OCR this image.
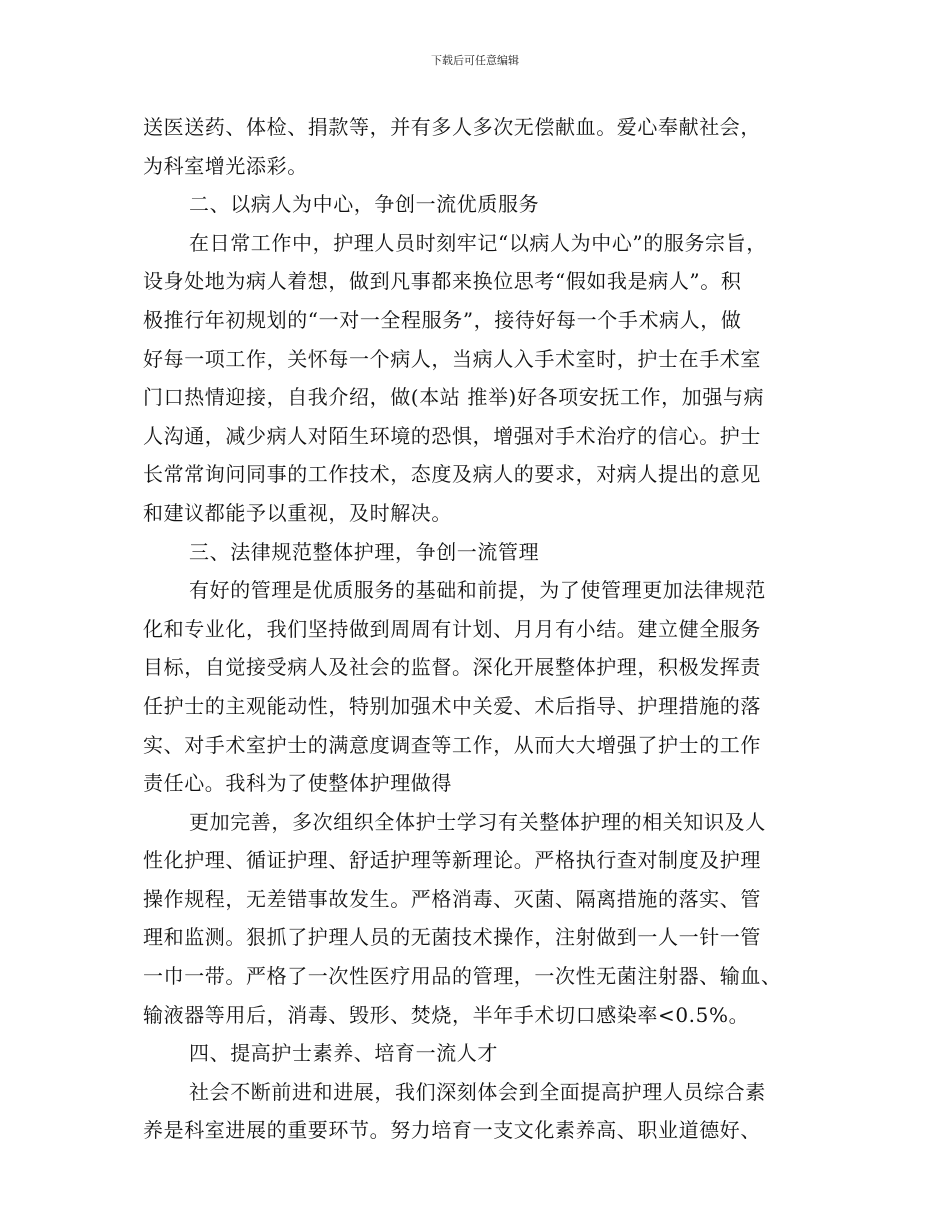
下载后可任意编辑
送医送药、体检、捐款等，并有多人多次无偿献血。爱心奉献社会，
为科室增光添彩。
二、以病人为中心，争创一流优质服务
在日常工作中，护理人员时刻牢记“以病人为中心”的服务宗旨，
设身处地为病人着想，做到凡事都来换位思考“假如我是病人”。积
极推行年初规划的“一对一全程服务”，接待好每一个手术病人，做
好每一项工作，关怀每一个病人，当病人入手术室时，护士在手术室
门口热情迎接，自我介绍，做(本站 推举)好各项安抚工作，加强与病
人沟通，减少病人对陌生环境的恐惧，增强对手术治疗的信心。护士
长常常询问同事的工作技术，态度及病人的要求，对病人提出的意见
和建议都能予以重视，及时解决。
三、法律规范整体护理，争创一流管理
有好的管理是优质服务的基础和前提，为了使管理更加法律规范
化和专业化，我们坚持做到周周有计划、月月有小结。建立健全服务
目标，自觉接受病人及社会的监督。深化开展整体护理，积极发挥责
任护士的主观能动性，特别加强术中关爱、术后指导、护理措施的落
实、对手术室护士的满意度调查等工作，从而大大增强了护士的工作
责任心。我科为了使整体护理做得
更加完善，多次组织全体护士学习有关整体护理的相关知识及人
性化护理、循证护理、舒适护理等新理论。严格执行查对制度及护理
操作规程，无差错事故发生。严格消毒、灭菌、隔离措施的落实、管
理和监测。狠抓了护理人员的无菌技术操作，注射做到一人一针一管
一巾一带。严格了一次性医疗用品的管理，一次性无菌注射器、输血、
输液器等用后，消毒、毁形、焚烧，半年手术切口感染率<0.5%。
四、提高护士素养、培育一流人才
社会不断前进和进展，我们深刻体会到全面提高护理人员综合素
养是科室进展的重要环节。努力培育一支文化素养高、职业道德好、
